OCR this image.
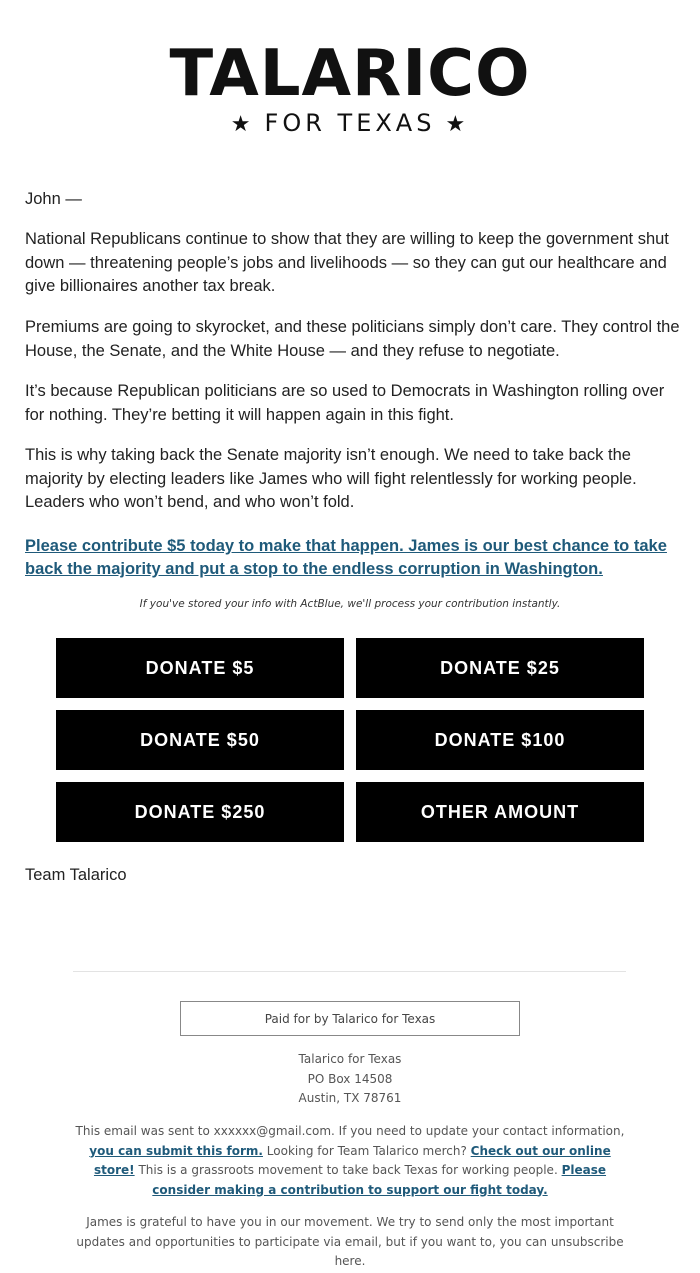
TALARICO
★ FOR TEXAS ★
John —

National Republicans continue to show that they are willing to keep the government shut down — threatening people’s jobs and livelihoods — so they can gut our healthcare and give billionaires another tax break.

Premiums are going to skyrocket, and these politicians simply don’t care. They control the House, the Senate, and the White House — and they refuse to negotiate.

It’s because Republican politicians are so used to Democrats in Washington rolling over for nothing. They’re betting it will happen again in this fight.

This is why taking back the Senate majority isn’t enough. We need to take back the majority by electing leaders like James who will fight relentlessly for working people. Leaders who won’t bend, and who won’t fold.

Please contribute $5 today to make that happen. James is our best chance to take back the majority and put a stop to the endless corruption in Washington.
If you've stored your info with ActBlue, we'll process your contribution instantly.
DONATE $5	DONATE $25
DONATE $50	DONATE $100
DONATE $250	OTHER AMOUNT
Team Talarico
Paid for by Talarico for Texas
Talarico for Texas
PO Box 14508
Austin, TX 78761

This email was sent to xxxxxx@gmail.com. If you need to update your contact information, you can submit this form. Looking for Team Talarico merch? Check out our online store! This is a grassroots movement to take back Texas for working people. Please consider making a contribution to support our fight today.

James is grateful to have you in our movement. We try to send only the most important updates and opportunities to participate via email, but if you want to, you can unsubscribe here.
